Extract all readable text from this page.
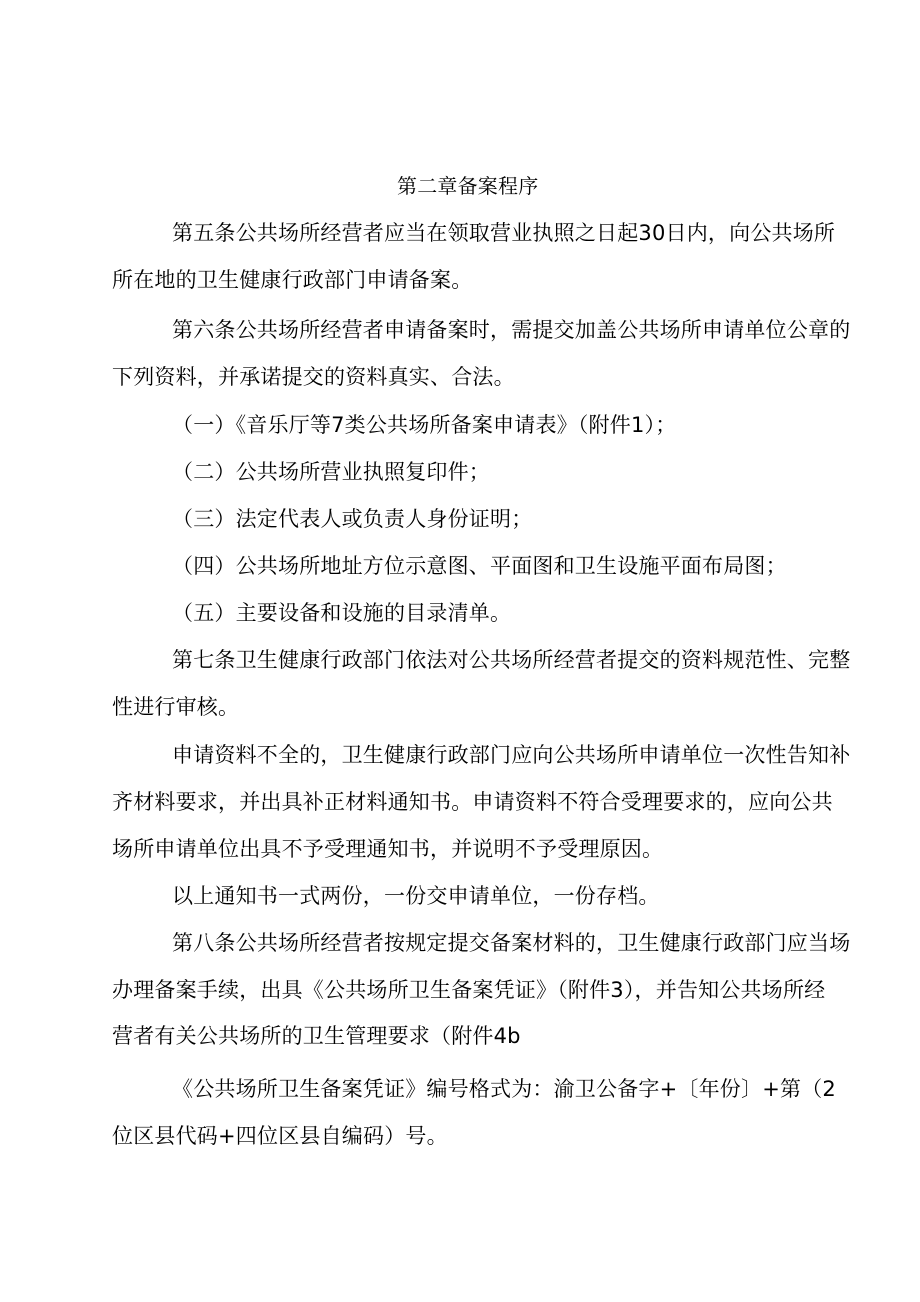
第二章备案程序
第五条公共场所经营者应当在领取营业执照之日起30日内，向公共场所
所在地的卫生健康行政部门申请备案。
第六条公共场所经营者申请备案时，需提交加盖公共场所申请单位公章的
下列资料，并承诺提交的资料真实、合法。
（一）《音乐厅等7类公共场所备案申请表》（附件1）；
（二）公共场所营业执照复印件；
（三）法定代表人或负责人身份证明；
（四）公共场所地址方位示意图、平面图和卫生设施平面布局图；
（五）主要设备和设施的目录清单。
第七条卫生健康行政部门依法对公共场所经营者提交的资料规范性、完整
性进行审核。
申请资料不全的，卫生健康行政部门应向公共场所申请单位一次性告知补
齐材料要求，并出具补正材料通知书。申请资料不符合受理要求的，应向公共
场所申请单位出具不予受理通知书，并说明不予受理原因。
以上通知书一式两份，一份交申请单位，一份存档。
第八条公共场所经营者按规定提交备案材料的，卫生健康行政部门应当场
办理备案手续，出具《公共场所卫生备案凭证》（附件3），并告知公共场所经
营者有关公共场所的卫生管理要求（附件4b
《公共场所卫生备案凭证》编号格式为：渝卫公备字+〔年份〕+第（2
位区县代码+四位区县自编码）号。
